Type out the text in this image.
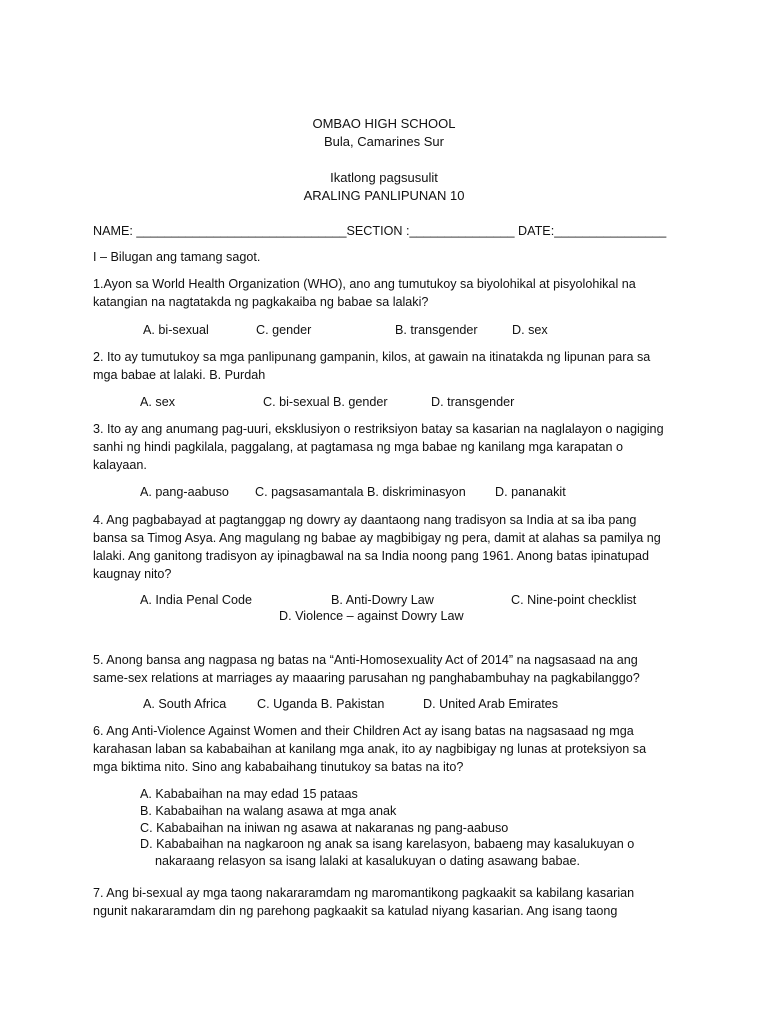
OMBAO HIGH SCHOOL
Bula, Camarines Sur
Ikatlong pagsusulit
ARALING PANLIPUNAN 10
NAME: ______________________________SECTION :_______________ DATE:________________
I – Bilugan ang tamang sagot.
1.Ayon sa World Health Organization (WHO), ano ang tumutukoy sa biyolohikal at pisyolohikal na
katangian na nagtatakda ng pagkakaiba ng babae sa lalaki?
A. bi-sexual	C. gender	B. transgender	D. sex
2. Ito ay tumutukoy sa mga panlipunang gampanin, kilos, at gawain na itinatakda ng lipunan para sa
mga babae at lalaki. B. Purdah
A. sex	C. bi-sexual B. gender	D. transgender
3. Ito ay ang anumang pag-uuri, eksklusiyon o restriksiyon batay sa kasarian na naglalayon o nagiging
sanhi ng hindi pagkilala, paggalang, at pagtamasa ng mga babae ng kanilang mga karapatan o
kalayaan.
A. pang-aabuso C. pagsasamantala B. diskriminasyon D. pananakit
4. Ang pagbabayad at pagtanggap ng dowry ay daantaong nang tradisyon sa India at sa iba pang
bansa sa Timog Asya. Ang magulang ng babae ay magbibigay ng pera, damit at alahas sa pamilya ng
lalaki. Ang ganitong tradisyon ay ipinagbawal na sa India noong pang 1961. Anong batas ipinatupad
kaugnay nito?
A. India Penal Code	B. Anti-Dowry Law	C. Nine-point checklist
D. Violence – against Dowry Law
5. Anong bansa ang nagpasa ng batas na “Anti-Homosexuality Act of 2014” na nagsasaad na ang
same-sex relations at marriages ay maaaring parusahan ng panghabambuhay na pagkabilanggo?
A. South Africa C. Uganda B. Pakistan	D. United Arab Emirates
6. Ang Anti-Violence Against Women and their Children Act ay isang batas na nagsasaad ng mga
karahasan laban sa kababaihan at kanilang mga anak, ito ay nagbibigay ng lunas at proteksiyon sa
mga biktima nito. Sino ang kababaihang tinutukoy sa batas na ito?
A. Kababaihan na may edad 15 pataas
B. Kababaihan na walang asawa at mga anak
C. Kababaihan na iniwan ng asawa at nakaranas ng pang-aabuso
D. Kababaihan na nagkaroon ng anak sa isang karelasyon, babaeng may kasalukuyan o
nakaraang relasyon sa isang lalaki at kasalukuyan o dating asawang babae.
7. Ang bi-sexual ay mga taong nakararamdam ng maromantikong pagkaakit sa kabilang kasarian
ngunit nakararamdam din ng parehong pagkaakit sa katulad niyang kasarian. Ang isang taong
